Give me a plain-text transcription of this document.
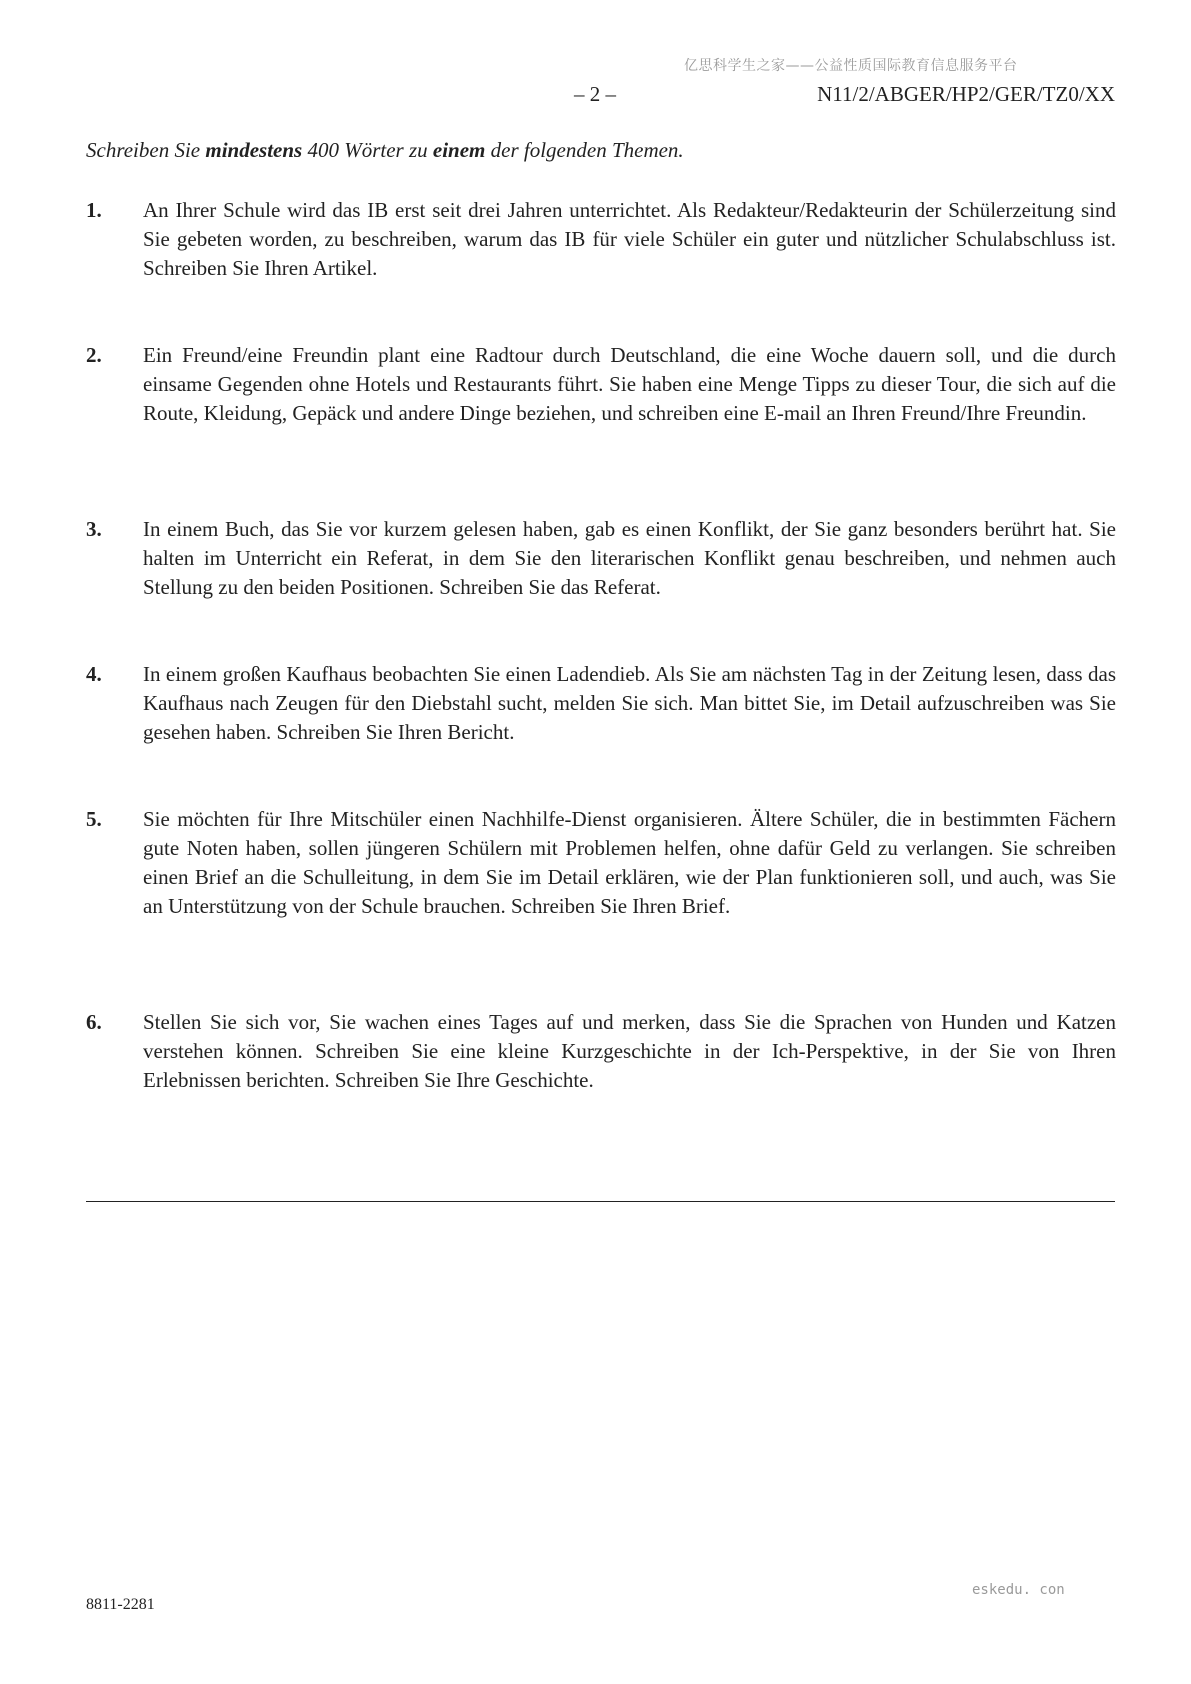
亿思科学生之家——公益性质国际教育信息服务平台
– 2 –	N11/2/ABGER/HP2/GER/TZ0/XX
Schreiben Sie mindestens 400 Wörter zu einem der folgenden Themen.
1.	An Ihrer Schule wird das IB erst seit drei Jahren unterrichtet. Als Redakteur/Redakteurin der Schülerzeitung sind Sie gebeten worden, zu beschreiben, warum das IB für viele Schüler ein guter und nützlicher Schulabschluss ist. Schreiben Sie Ihren Artikel.
2.	Ein Freund/eine Freundin plant eine Radtour durch Deutschland, die eine Woche dauern soll, und die durch einsame Gegenden ohne Hotels und Restaurants führt. Sie haben eine Menge Tipps zu dieser Tour, die sich auf die Route, Kleidung, Gepäck und andere Dinge beziehen, und schreiben eine E-mail an Ihren Freund/Ihre Freundin.
3.	In einem Buch, das Sie vor kurzem gelesen haben, gab es einen Konflikt, der Sie ganz besonders berührt hat. Sie halten im Unterricht ein Referat, in dem Sie den literarischen Konflikt genau beschreiben, und nehmen auch Stellung zu den beiden Positionen. Schreiben Sie das Referat.
4.	In einem großen Kaufhaus beobachten Sie einen Ladendieb. Als Sie am nächsten Tag in der Zeitung lesen, dass das Kaufhaus nach Zeugen für den Diebstahl sucht, melden Sie sich. Man bittet Sie, im Detail aufzuschreiben was Sie gesehen haben. Schreiben Sie Ihren Bericht.
5.	Sie möchten für Ihre Mitschüler einen Nachhilfe-Dienst organisieren. Ältere Schüler, die in bestimmten Fächern gute Noten haben, sollen jüngeren Schülern mit Problemen helfen, ohne dafür Geld zu verlangen. Sie schreiben einen Brief an die Schulleitung, in dem Sie im Detail erklären, wie der Plan funktionieren soll, und auch, was Sie an Unterstützung von der Schule brauchen. Schreiben Sie Ihren Brief.
6.	Stellen Sie sich vor, Sie wachen eines Tages auf und merken, dass Sie die Sprachen von Hunden und Katzen verstehen können. Schreiben Sie eine kleine Kurzgeschichte in der Ich-Perspektive, in der Sie von Ihren Erlebnissen berichten. Schreiben Sie Ihre Geschichte.
8811-2281
eskedu. con
